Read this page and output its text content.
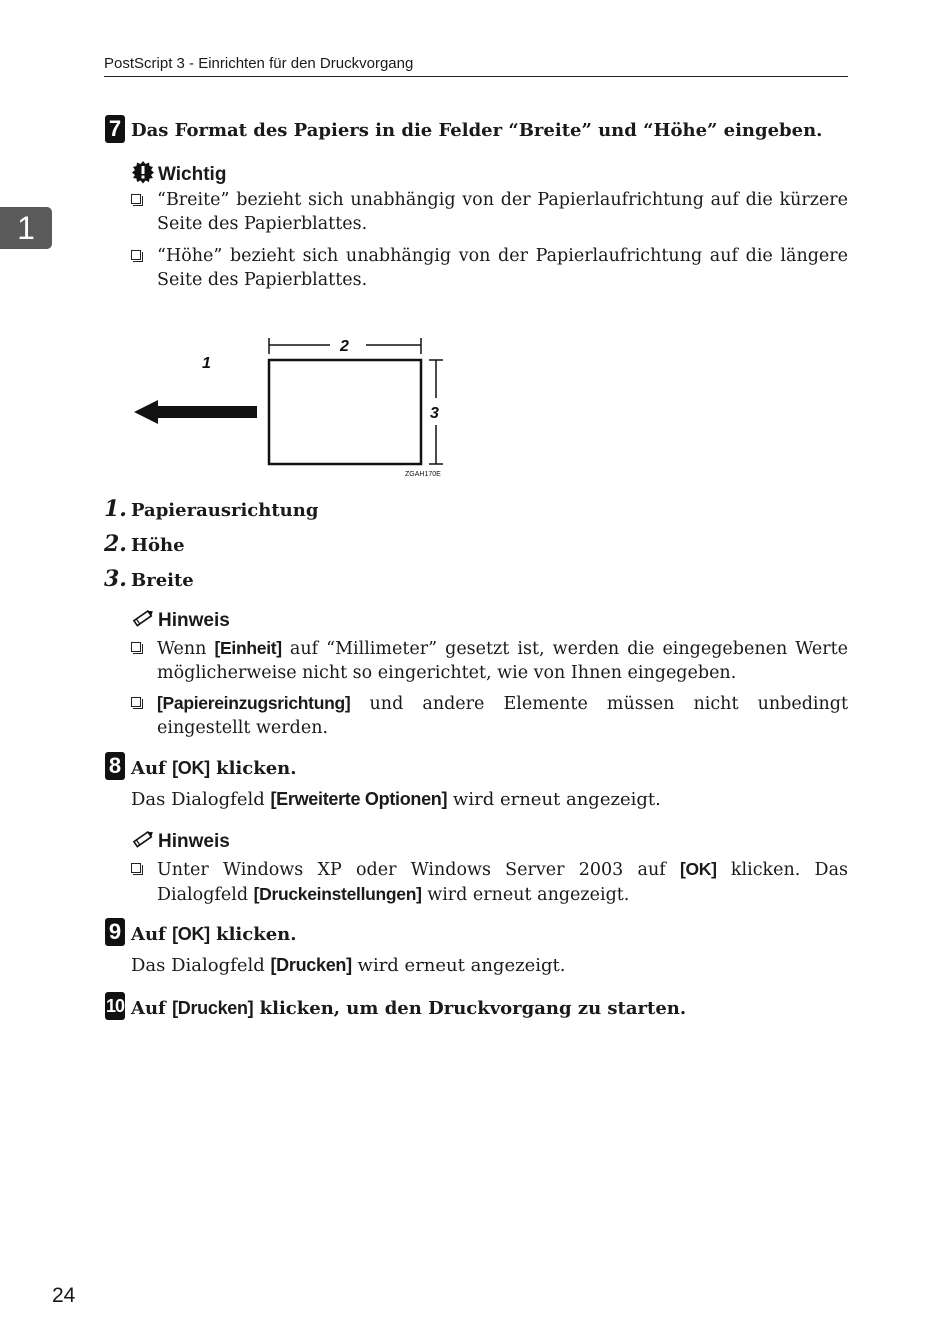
PostScript 3 - Einrichten für den Druckvorgang
1
7 Das Format des Papiers in die Felder “Breite” und “Höhe” eingeben.
Wichtig
“Breite” bezieht sich unabhängig von der Papierlaufrichtung auf die kürzere Seite des Papierblattes.
“Höhe” bezieht sich unabhängig von der Papierlaufrichtung auf die längere Seite des Papierblattes.
1
2
3
ZGAH170E
1. Papierausrichtung
2. Höhe
3. Breite
Hinweis
Wenn [Einheit] auf “Millimeter” gesetzt ist, werden die eingegebenen Werte möglicherweise nicht so eingerichtet, wie von Ihnen eingegeben.
[Papiereinzugsrichtung] und andere Elemente müssen nicht unbedingt eingestellt werden.
8 Auf [OK] klicken.
Das Dialogfeld [Erweiterte Optionen] wird erneut angezeigt.
Hinweis
Unter Windows XP oder Windows Server 2003 auf [OK] klicken. Das Dialogfeld [Druckeinstellungen] wird erneut angezeigt.
9 Auf [OK] klicken.
Das Dialogfeld [Drucken] wird erneut angezeigt.
10 Auf [Drucken] klicken, um den Druckvorgang zu starten.
24
